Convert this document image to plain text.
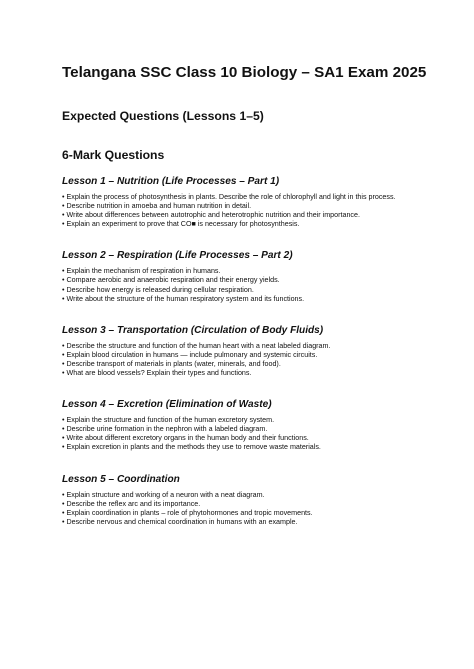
Telangana SSC Class 10 Biology – SA1 Exam 2025
Expected Questions (Lessons 1–5)
6-Mark Questions
Lesson 1 – Nutrition (Life Processes – Part 1)
• Explain the process of photosynthesis in plants. Describe the role of chlorophyll and light in this process.
• Describe nutrition in amoeba and human nutrition in detail.
• Write about differences between autotrophic and heterotrophic nutrition and their importance.
• Explain an experiment to prove that CO■ is necessary for photosynthesis.
Lesson 2 – Respiration (Life Processes – Part 2)
• Explain the mechanism of respiration in humans.
• Compare aerobic and anaerobic respiration and their energy yields.
• Describe how energy is released during cellular respiration.
• Write about the structure of the human respiratory system and its functions.
Lesson 3 – Transportation (Circulation of Body Fluids)
• Describe the structure and function of the human heart with a neat labeled diagram.
• Explain blood circulation in humans — include pulmonary and systemic circuits.
• Describe transport of materials in plants (water, minerals, and food).
• What are blood vessels? Explain their types and functions.
Lesson 4 – Excretion (Elimination of Waste)
• Explain the structure and function of the human excretory system.
• Describe urine formation in the nephron with a labeled diagram.
• Write about different excretory organs in the human body and their functions.
• Explain excretion in plants and the methods they use to remove waste materials.
Lesson 5 – Coordination
• Explain structure and working of a neuron with a neat diagram.
• Describe the reflex arc and its importance.
• Explain coordination in plants – role of phytohormones and tropic movements.
• Describe nervous and chemical coordination in humans with an example.
